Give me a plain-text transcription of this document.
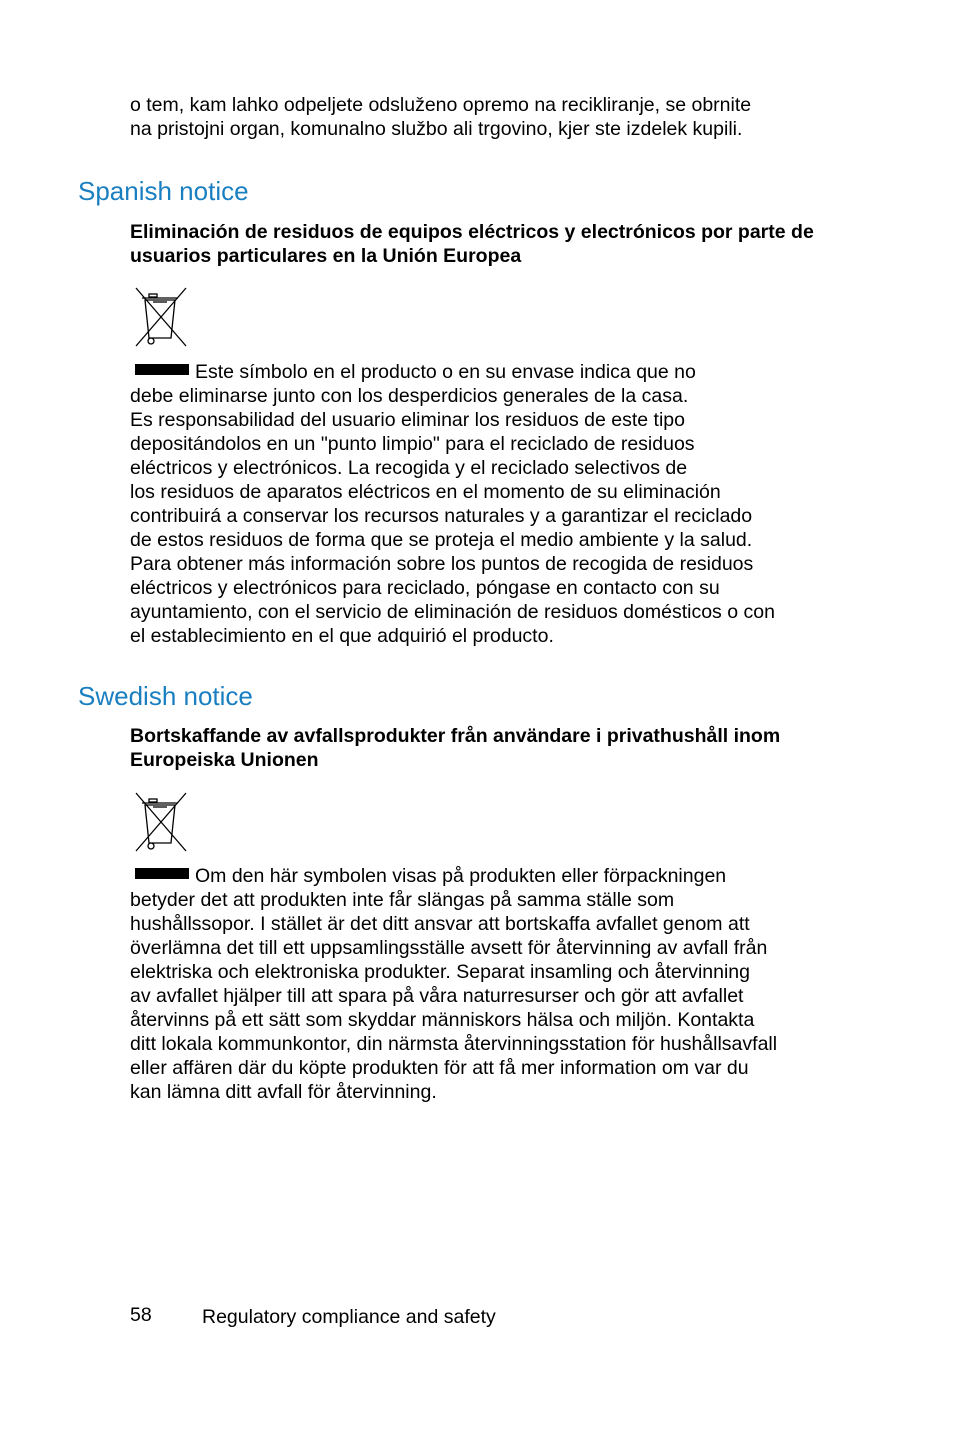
o tem, kam lahko odpeljete odsluženo opremo na recikliranje, se obrnite
na pristojni organ, komunalno službo ali trgovino, kjer ste izdelek kupili.
Spanish notice
Eliminación de residuos de equipos eléctricos y electrónicos por parte de
usuarios particulares en la Unión Europea
Este símbolo en el producto o en su envase indica que no
debe eliminarse junto con los desperdicios generales de la casa.
Es responsabilidad del usuario eliminar los residuos de este tipo
depositándolos en un "punto limpio" para el reciclado de residuos
eléctricos y electrónicos. La recogida y el reciclado selectivos de
los residuos de aparatos eléctricos en el momento de su eliminación
contribuirá a conservar los recursos naturales y a garantizar el reciclado
de estos residuos de forma que se proteja el medio ambiente y la salud.
Para obtener más información sobre los puntos de recogida de residuos
eléctricos y electrónicos para reciclado, póngase en contacto con su
ayuntamiento, con el servicio de eliminación de residuos domésticos o con
el establecimiento en el que adquirió el producto.
Swedish notice
Bortskaffande av avfallsprodukter från användare i privathushåll inom
Europeiska Unionen
Om den här symbolen visas på produkten eller förpackningen
betyder det att produkten inte får slängas på samma ställe som
hushållssopor. I stället är det ditt ansvar att bortskaffa avfallet genom att
överlämna det till ett uppsamlingsställe avsett för återvinning av avfall från
elektriska och elektroniska produkter. Separat insamling och återvinning
av avfallet hjälper till att spara på våra naturresurser och gör att avfallet
återvinns på ett sätt som skyddar människors hälsa och miljön. Kontakta
ditt lokala kommunkontor, din närmsta återvinningsstation för hushållsavfall
eller affären där du köpte produkten för att få mer information om var du
kan lämna ditt avfall för återvinning.
58	Regulatory compliance and safety
